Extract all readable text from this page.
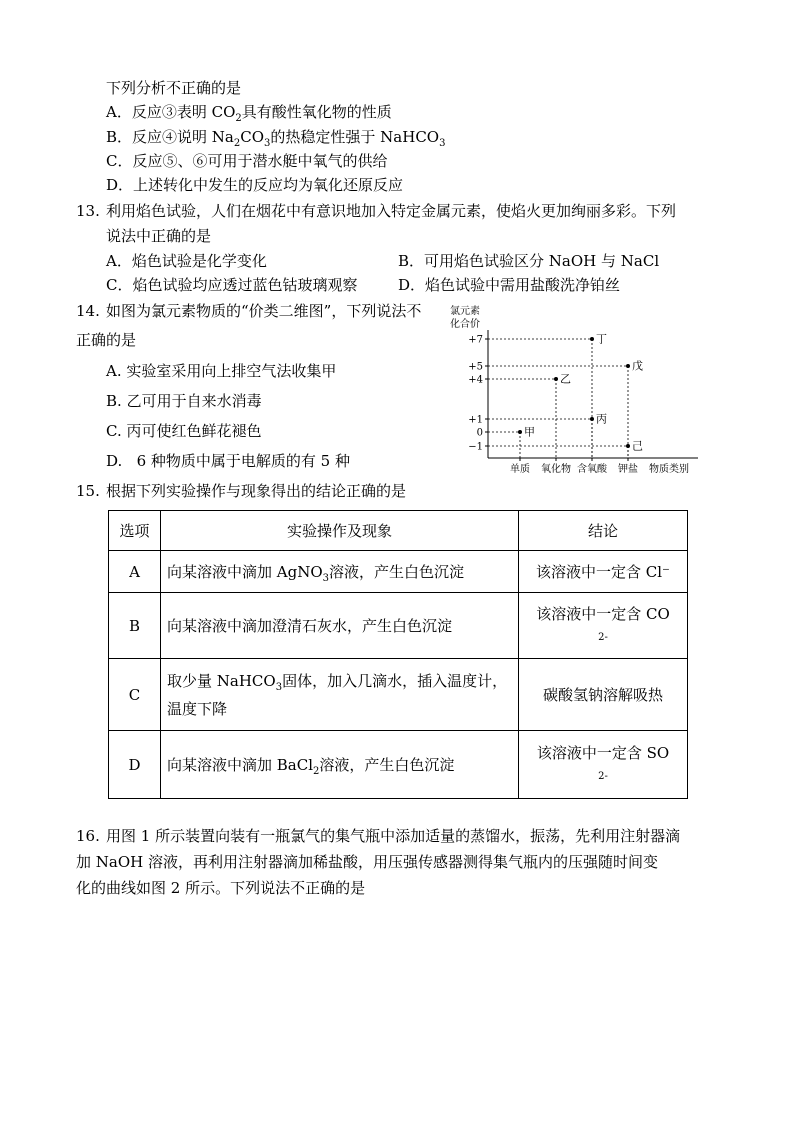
下列分析不正确的是
A．反应③表明 $CO_2$具有酸性氧化物的性质
B．反应④说明 $Na_2CO_3$的热稳定性强于 NaHCO$_3$
C．反应⑤、⑥可用于潜水艇中氧气的供给
D．上述转化中发生的反应均为氧化还原反应
13. 利用焰色试验，人们在烟花中有意识地加入特定金属元素，使焰火更加绚丽多彩。下列
说法中正确的是
A．焰色试验是化学变化	B．可用焰色试验区分 NaOH 与 NaCl
C．焰色试验均应透过蓝色钴玻璃观察	D．焰色试验中需用盐酸洗净铂丝
14. 如图为氯元素物质的“价类二维图”，下列说法不
正确的是
A. 实验室采用向上排空气法收集甲
B. 乙可用于自来水消毒
C. 丙可使红色鲜花褪色
D. 6 种物质中属于电解质的有 5 种
氯元素
化合价
物质类别
+7
+5
+4
+1
0
−1
单质 氧化物 含氧酸 钾盐
甲
乙
丙
丁
戊
己
15. 根据下列实验操作与现象得出的结论正确的是
选项	实验操作及现象	结论
A	向某溶液中滴加 AgNO$_3$溶液，产生白色沉淀	该溶液中一定含 Cl⁻
B	向某溶液中滴加澄清石灰水，产生白色沉淀	该溶液中一定含 CO
2-

C	取少量 NaHCO$_3$固体，加入几滴水，插入温度计，
温度下降	碳酸氢钠溶解吸热
D	向某溶液中滴加 BaCl$_2$溶液，产生白色沉淀	该溶液中一定含 SO
2-
16. 用图 1 所示装置向装有一瓶氯气的集气瓶中添加适量的蒸馏水，振荡，先利用注射器滴
加 NaOH 溶液，再利用注射器滴加稀盐酸，用压强传感器测得集气瓶内的压强随时间变
化的曲线如图 2 所示。下列说法不正确的是
